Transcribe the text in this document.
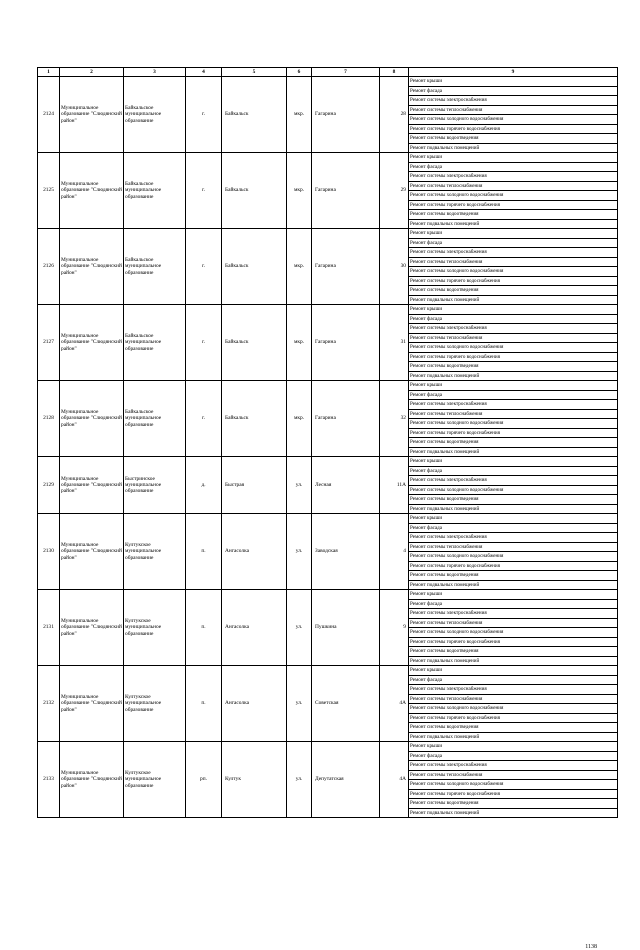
1	2	3	4	5	6	7	8	9
2124	Муниципальное образование "Слюдянский район"	Байкальское муниципальное образование	г.	Байкальск	мкр.	Гагарина	28	Ремонт крыши
								Ремонт фасада
								Ремонт системы электроснабжения
								Ремонт системы теплоснабжения
								Ремонт системы холодного водоснабжения
								Ремонт системы горячего водоснабжения
								Ремонт системы водоотведения
								Ремонт подвальных помещений
2125	Муниципальное образование "Слюдянский район"	Байкальское муниципальное образование	г.	Байкальск	мкр.	Гагарина	29	Ремонт крыши
								Ремонт фасада
								Ремонт системы электроснабжения
								Ремонт системы теплоснабжения
								Ремонт системы холодного водоснабжения
								Ремонт системы горячего водоснабжения
								Ремонт системы водоотведения
								Ремонт подвальных помещений
2126	Муниципальное образование "Слюдянский район"	Байкальское муниципальное образование	г.	Байкальск	мкр.	Гагарина	30	Ремонт крыши
								Ремонт фасада
								Ремонт системы электроснабжения
								Ремонт системы теплоснабжения
								Ремонт системы холодного водоснабжения
								Ремонт системы горячего водоснабжения
								Ремонт системы водоотведения
								Ремонт подвальных помещений
2127	Муниципальное образование "Слюдянский район"	Байкальское муниципальное образование	г.	Байкальск	мкр.	Гагарина	31	Ремонт крыши
								Ремонт фасада
								Ремонт системы электроснабжения
								Ремонт системы теплоснабжения
								Ремонт системы холодного водоснабжения
								Ремонт системы горячего водоснабжения
								Ремонт системы водоотведения
								Ремонт подвальных помещений
2128	Муниципальное образование "Слюдянский район"	Байкальское муниципальное образование	г.	Байкальск	мкр.	Гагарина	32	Ремонт крыши
								Ремонт фасада
								Ремонт системы электроснабжения
								Ремонт системы теплоснабжения
								Ремонт системы холодного водоснабжения
								Ремонт системы горячего водоснабжения
								Ремонт системы водоотведения
								Ремонт подвальных помещений
2129	Муниципальное образование "Слюдянский район"	Быстринское муниципальное образование	д.	Быстрая	ул.	Лесная	11А	Ремонт крыши
								Ремонт фасада
								Ремонт системы электроснабжения
								Ремонт системы холодного водоснабжения
								Ремонт системы водоотведения
								Ремонт подвальных помещений
2130	Муниципальное образование "Слюдянский район"	Култукское муниципальное образование	п.	Ангасолка	ул.	Заводская	4	Ремонт крыши
								Ремонт фасада
								Ремонт системы электроснабжения
								Ремонт системы теплоснабжения
								Ремонт системы холодного водоснабжения
								Ремонт системы горячего водоснабжения
								Ремонт системы водоотведения
								Ремонт подвальных помещений
2131	Муниципальное образование "Слюдянский район"	Култукское муниципальное образование	п.	Ангасолка	ул.	Пушкина	9	Ремонт крыши
								Ремонт фасада
								Ремонт системы электроснабжения
								Ремонт системы теплоснабжения
								Ремонт системы холодного водоснабжения
								Ремонт системы горячего водоснабжения
								Ремонт системы водоотведения
								Ремонт подвальных помещений
2132	Муниципальное образование "Слюдянский район"	Култукское муниципальное образование	п.	Ангасолка	ул.	Советская	4А	Ремонт крыши
								Ремонт фасада
								Ремонт системы электроснабжения
								Ремонт системы теплоснабжения
								Ремонт системы холодного водоснабжения
								Ремонт системы горячего водоснабжения
								Ремонт системы водоотведения
								Ремонт подвальных помещений
2133	Муниципальное образование "Слюдянский район"	Култукское муниципальное образование	рп.	Култук	ул.	Депутатская	4А	Ремонт крыши
								Ремонт фасада
								Ремонт системы электроснабжения
								Ремонт системы теплоснабжения
								Ремонт системы холодного водоснабжения
								Ремонт системы горячего водоснабжения
								Ремонт системы водоотведения
								Ремонт подвальных помещений
1138
